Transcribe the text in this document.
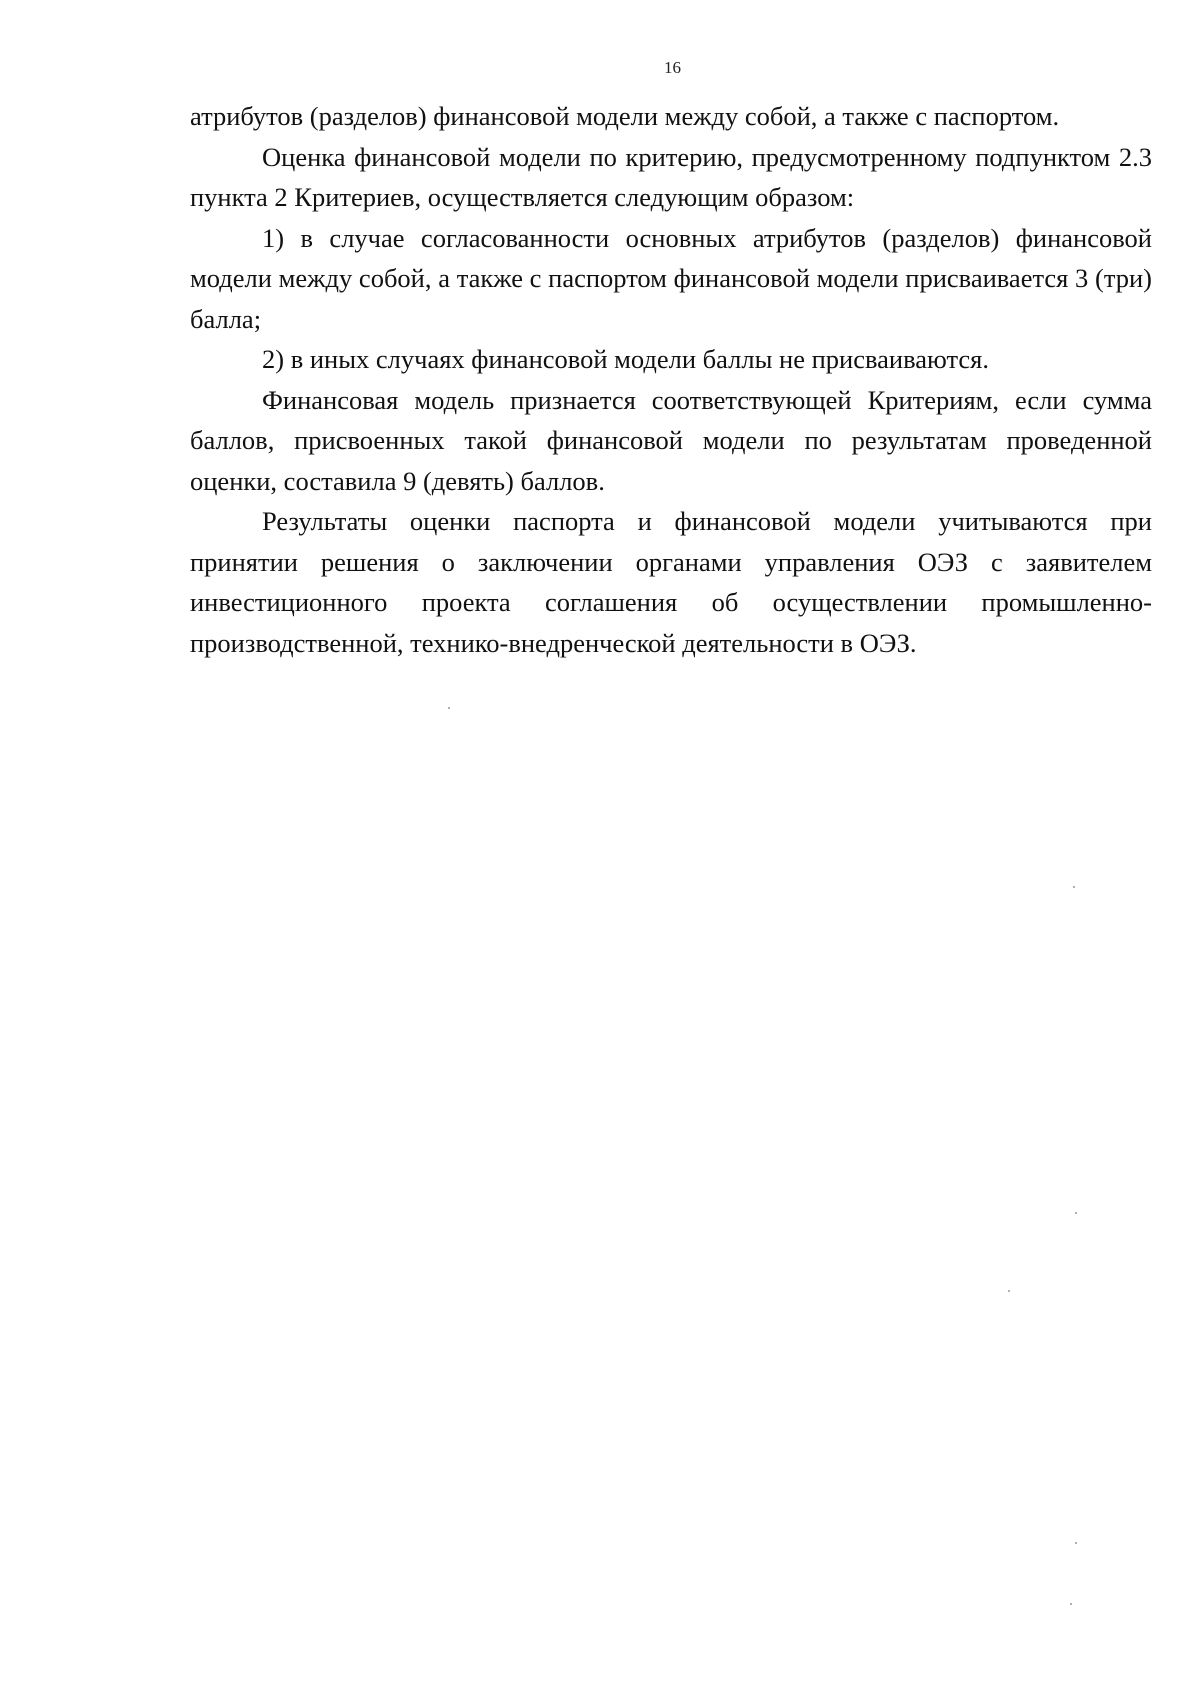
16

атрибутов (разделов) финансовой модели между собой, а также с паспортом.

Оценка финансовой модели по критерию, предусмотренному подпунктом 2.3 пункта 2 Критериев, осуществляется следующим образом:

1) в случае согласованности основных атрибутов (разделов) финансовой модели между собой, а также с паспортом финансовой модели присваивается 3 (три) балла;

2) в иных случаях финансовой модели баллы не присваиваются.

Финансовая модель признается соответствующей Критериям, если сумма баллов, присвоенных такой финансовой модели по результатам проведенной оценки, составила 9 (девять) баллов.

Результаты оценки паспорта и финансовой модели учитываются при принятии решения о заключении органами управления ОЭЗ с заявителем инвестиционного проекта соглашения об осуществлении промышленно-производственной, технико-внедренческой деятельности в ОЭЗ.
